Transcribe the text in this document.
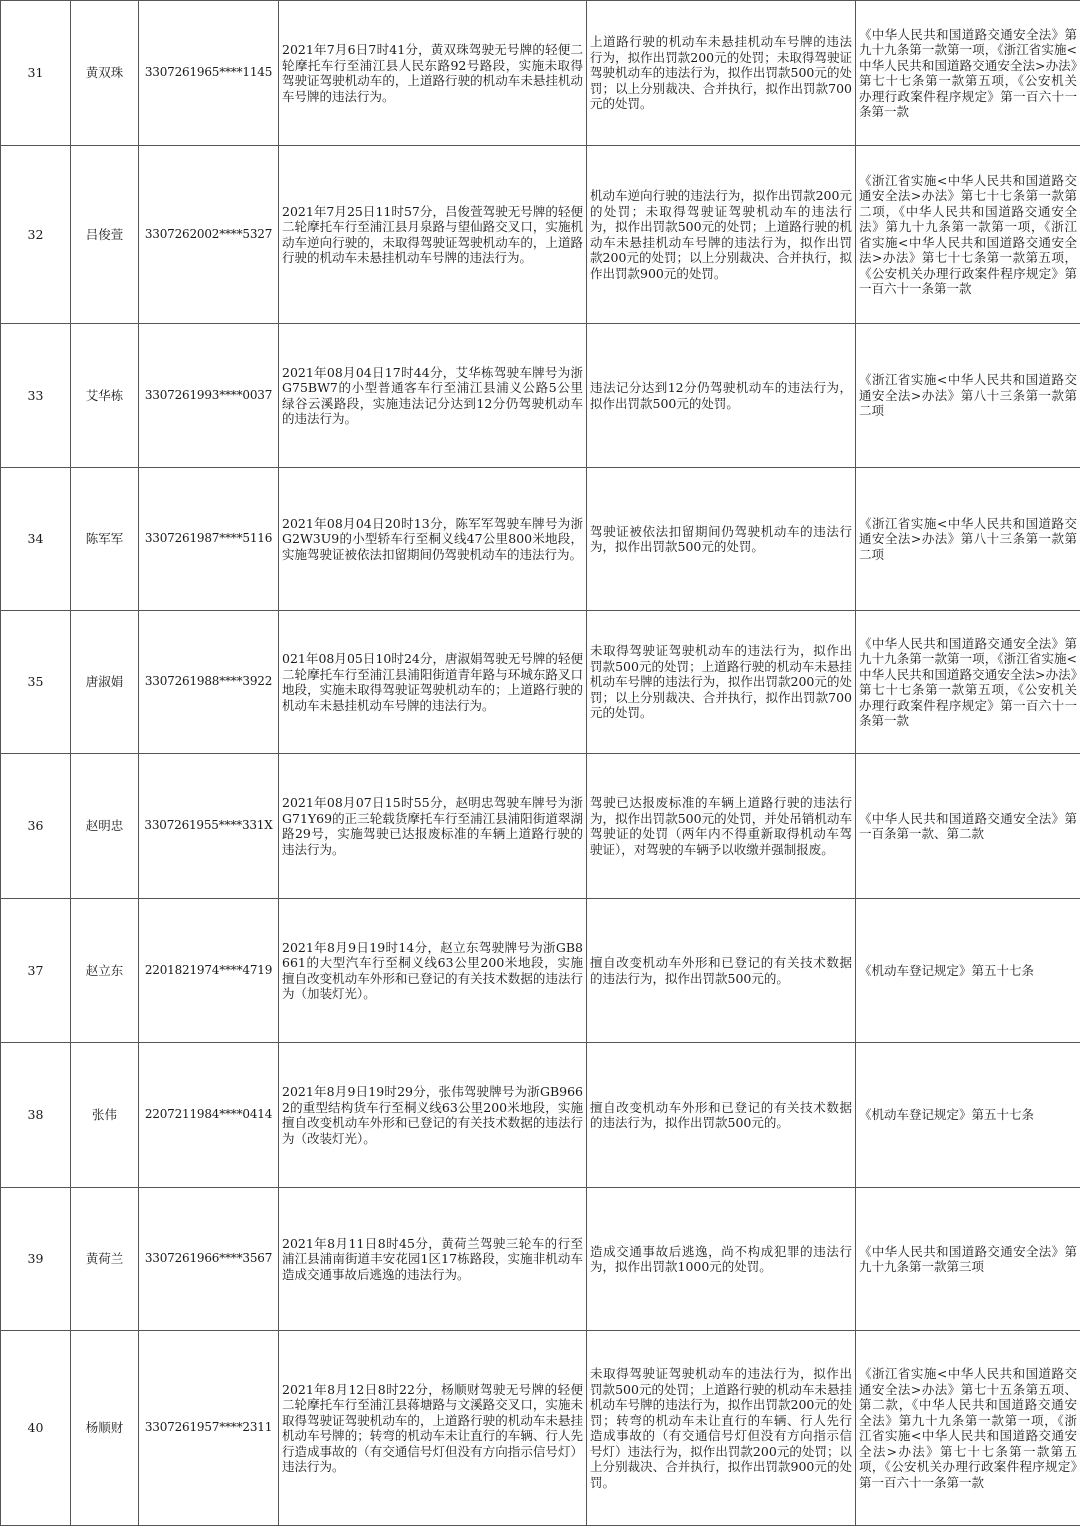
31	黄双珠	3307261965****1145	2021年7月6日7时41分，黄双珠驾驶无号牌的轻便二轮摩托车行至浦江县人民东路92号路段，实施未取得驾驶证驾驶机动车的，上道路行驶的机动车未悬挂机动车号牌的违法行为。	上道路行驶的机动车未悬挂机动车号牌的违法行为，拟作出罚款200元的处罚；未取得驾驶证驾驶机动车的违法行为，拟作出罚款500元的处罚；以上分别裁决、合并执行，拟作出罚款700元的处罚。	《中华人民共和国道路交通安全法》第九十九条第一款第一项，《浙江省实施<中华人民共和国道路交通安全法>办法》第七十七条第一款第五项，《公安机关办理行政案件程序规定》第一百六十一条第一款
32	吕俊萱	3307262002****5327	2021年7月25日11时57分，吕俊萱驾驶无号牌的轻便二轮摩托车行至浦江县月泉路与望仙路交叉口，实施机动车逆向行驶的，未取得驾驶证驾驶机动车的，上道路行驶的机动车未悬挂机动车号牌的违法行为。	机动车逆向行驶的违法行为，拟作出罚款200元的处罚；未取得驾驶证驾驶机动车的违法行为，拟作出罚款500元的处罚；上道路行驶的机动车未悬挂机动车号牌的违法行为，拟作出罚款200元的处罚；以上分别裁决、合并执行，拟作出罚款900元的处罚。	《浙江省实施<中华人民共和国道路交通安全法>办法》第七十七条第一款第二项，《中华人民共和国道路交通安全法》第九十九条第一款第一项，《浙江省实施<中华人民共和国道路交通安全法>办法》第七十七条第一款第五项，《公安机关办理行政案件程序规定》第一百六十一条第一款
33	艾华栋	3307261993****0037	2021年08月04日17时44分，艾华栋驾驶车牌号为浙G75BW7的小型普通客车行至浦江县浦义公路5公里绿谷云溪路段，实施违法记分达到12分仍驾驶机动车的违法行为。	违法记分达到12分仍驾驶机动车的违法行为，拟作出罚款500元的处罚。	《浙江省实施<中华人民共和国道路交通安全法>办法》第八十三条第一款第二项
34	陈军军	3307261987****5116	2021年08月04日20时13分，陈军军驾驶车牌号为浙G2W3U9的小型轿车行至桐义线47公里800米地段，实施驾驶证被依法扣留期间仍驾驶机动车的违法行为。	驾驶证被依法扣留期间仍驾驶机动车的违法行为，拟作出罚款500元的处罚。	《浙江省实施<中华人民共和国道路交通安全法>办法》第八十三条第一款第二项
35	唐淑娟	3307261988****3922	021年08月05日10时24分，唐淑娟驾驶无号牌的轻便二轮摩托车行至浦江县浦阳街道青年路与环城东路叉口地段，实施未取得驾驶证驾驶机动车的；上道路行驶的机动车未悬挂机动车号牌的违法行为。	未取得驾驶证驾驶机动车的违法行为，拟作出罚款500元的处罚；上道路行驶的机动车未悬挂机动车号牌的违法行为，拟作出罚款200元的处罚；以上分别裁决、合并执行，拟作出罚款700元的处罚。	《中华人民共和国道路交通安全法》第九十九条第一款第一项，《浙江省实施<中华人民共和国道路交通安全法>办法》第七十七条第一款第五项，《公安机关办理行政案件程序规定》第一百六十一条第一款
36	赵明忠	3307261955****331X	2021年08月07日15时55分，赵明忠驾驶车牌号为浙G71Y69的正三轮载货摩托车行至浦江县浦阳街道翠湖路29号，实施驾驶已达报废标准的车辆上道路行驶的违法行为。	驾驶已达报废标准的车辆上道路行驶的违法行为，拟作出罚款500元的处罚，并处吊销机动车驾驶证的处罚（两年内不得重新取得机动车驾驶证），对驾驶的车辆予以收缴并强制报废。	《中华人民共和国道路交通安全法》第一百条第一款、第二款
37	赵立东	2201821974****4719	2021年8月9日19时14分，赵立东驾驶牌号为浙GB8661的大型汽车行至桐义线63公里200米地段，实施擅自改变机动车外形和已登记的有关技术数据的违法行为（加装灯光）。	擅自改变机动车外形和已登记的有关技术数据的违法行为，拟作出罚款500元的。	《机动车登记规定》第五十七条
38	张伟	2207211984****0414	2021年8月9日19时29分，张伟驾驶牌号为浙GB9662的重型结构货车行至桐义线63公里200米地段，实施擅自改变机动车外形和已登记的有关技术数据的违法行为（改装灯光）。	擅自改变机动车外形和已登记的有关技术数据的违法行为，拟作出罚款500元的。	《机动车登记规定》第五十七条
39	黄荷兰	3307261966****3567	2021年8月11日8时45分，黄荷兰驾驶三轮车的行至浦江县浦南街道丰安花园1区17栋路段，实施非机动车造成交通事故后逃逸的违法行为。	造成交通事故后逃逸，尚不构成犯罪的违法行为，拟作出罚款1000元的处罚。	《中华人民共和国道路交通安全法》第九十九条第一款第三项
40	杨顺财	3307261957****2311	2021年8月12日8时22分，杨顺财驾驶无号牌的轻便二轮摩托车行至浦江县蒋塘路与文溪路交叉口，实施未取得驾驶证驾驶机动车的，上道路行驶的机动车未悬挂机动车号牌的；转弯的机动车未让直行的车辆、行人先行造成事故的（有交通信号灯但没有方向指示信号灯）违法行为。	未取得驾驶证驾驶机动车的违法行为，拟作出罚款500元的处罚；上道路行驶的机动车未悬挂机动车号牌的违法行为，拟作出罚款200元的处罚；转弯的机动车未让直行的车辆、行人先行造成事故的（有交通信号灯但没有方向指示信号灯）违法行为，拟作出罚款200元的处罚；以上分别裁决、合并执行，拟作出罚款900元的处罚。	《浙江省实施<中华人民共和国道路交通安全法>办法》第七十五条第五项、第二款，《中华人民共和国道路交通安全法》第九十九条第一款第一项，《浙江省实施<中华人民共和国道路交通安全法>办法》第七十七条第一款第五项，《公安机关办理行政案件程序规定》第一百六十一条第一款
